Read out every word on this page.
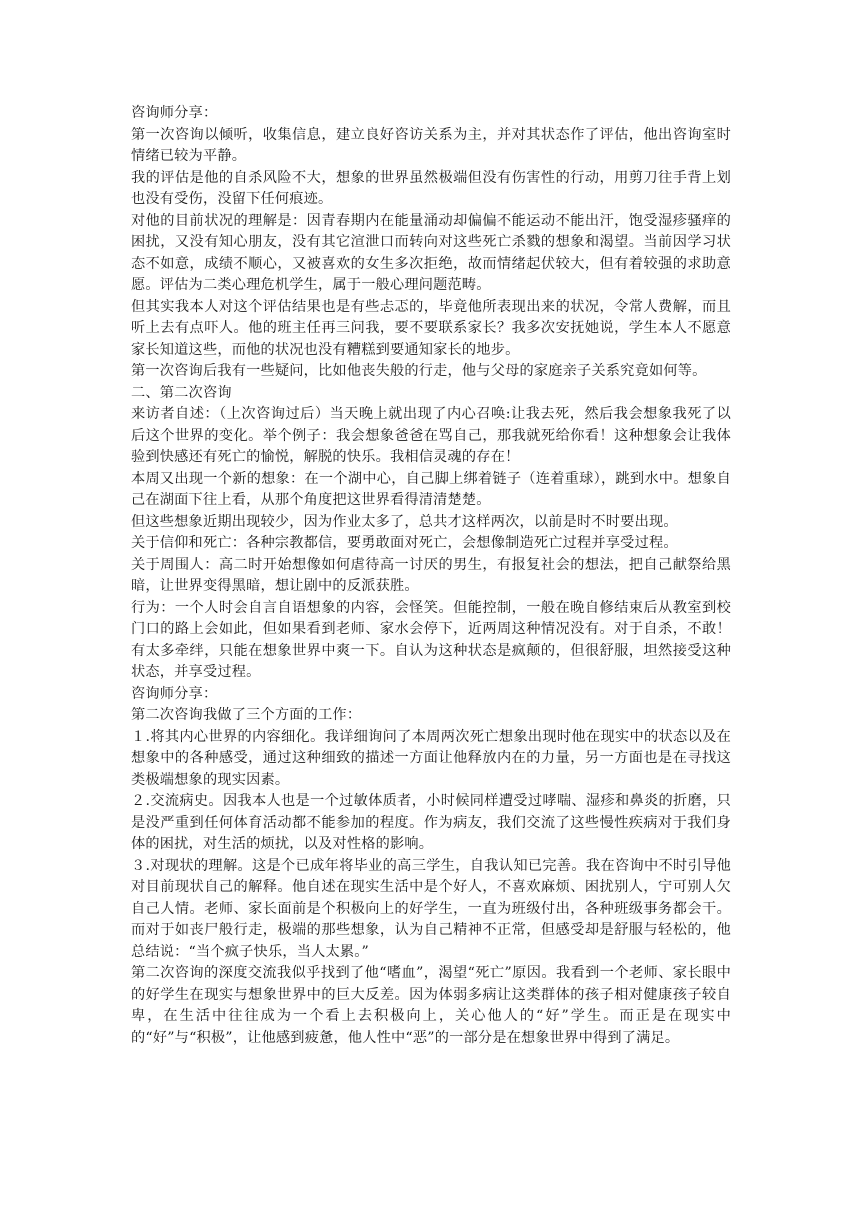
咨询师分享：

第一次咨询以倾听，收集信息，建立良好咨访关系为主，并对其状态作了评估，他出咨询室时情绪已较为平静。

我的评估是他的自杀风险不大，想象的世界虽然极端但没有伤害性的行动，用剪刀往手背上划也没有受伤，没留下任何痕迹。

对他的目前状况的理解是：因青春期内在能量涌动却偏偏不能运动不能出汗，饱受湿疹骚痒的困扰，又没有知心朋友，没有其它渲泄口而转向对这些死亡杀戮的想象和渴望。当前因学习状态不如意，成绩不顺心，又被喜欢的女生多次拒绝，故而情绪起伏较大，但有着较强的求助意愿。评估为二类心理危机学生，属于一般心理问题范畴。

但其实我本人对这个评估结果也是有些忐忑的，毕竟他所表现出来的状况，令常人费解，而且听上去有点吓人。他的班主任再三问我，要不要联系家长？我多次安抚她说，学生本人不愿意家长知道这些，而他的状况也没有糟糕到要通知家长的地步。

第一次咨询后我有一些疑问，比如他丧失般的行走，他与父母的家庭亲子关系究竟如何等。

二、第二次咨询

来访者自述：（上次咨询过后）当天晚上就出现了内心召唤:让我去死，然后我会想象我死了以后这个世界的变化。举个例子：我会想象爸爸在骂自己，那我就死给你看！这种想象会让我体验到快感还有死亡的愉悦，解脱的快乐。我相信灵魂的存在！

本周又出现一个新的想象：在一个湖中心，自己脚上绑着链子（连着重球），跳到水中。想象自己在湖面下往上看，从那个角度把这世界看得清清楚楚。

但这些想象近期出现较少，因为作业太多了，总共才这样两次，以前是时不时要出现。

关于信仰和死亡：各种宗教都信，要勇敢面对死亡，会想像制造死亡过程并享受过程。

关于周围人：高二时开始想像如何虐待高一讨厌的男生，有报复社会的想法，把自己献祭给黑暗，让世界变得黑暗，想让剧中的反派获胜。

行为：一个人时会自言自语想象的内容，会怪笑。但能控制，一般在晚自修结束后从教室到校门口的路上会如此，但如果看到老师、家水会停下，近两周这种情况没有。对于自杀，不敢！有太多牵绊，只能在想象世界中爽一下。自认为这种状态是疯颠的，但很舒服，坦然接受这种状态，并享受过程。

咨询师分享：

第二次咨询我做了三个方面的工作：

１.将其内心世界的内容细化。我详细询问了本周两次死亡想象出现时他在现实中的状态以及在想象中的各种感受，通过这种细致的描述一方面让他释放内在的力量，另一方面也是在寻找这类极端想象的现实因素。

２.交流病史。因我本人也是一个过敏体质者，小时候同样遭受过哮喘、湿疹和鼻炎的折磨，只是没严重到任何体育活动都不能参加的程度。作为病友，我们交流了这些慢性疾病对于我们身体的困扰，对生活的烦扰，以及对性格的影响。

３.对现状的理解。这是个已成年将毕业的高三学生，自我认知已完善。我在咨询中不时引导他对目前现状自己的解释。他自述在现实生活中是个好人，不喜欢麻烦、困扰别人，宁可别人欠自己人情。老师、家长面前是个积极向上的好学生，一直为班级付出，各种班级事务都会干。而对于如丧尸般行走，极端的那些想象，认为自己精神不正常，但感受却是舒服与轻松的，他总结说：“当个疯子快乐，当人太累。”

第二次咨询的深度交流我似乎找到了他“嗜血”，渴望“死亡”原因。我看到一个老师、家长眼中的好学生在现实与想象世界中的巨大反差。因为体弱多病让这类群体的孩子相对健康孩子较自卑，在生活中往往成为一个看上去积极向上，关心他人的“好”学生。而正是在现实中的“好”与“积极”，让他感到疲惫，他人性中“恶”的一部分是在想象世界中得到了满足。
